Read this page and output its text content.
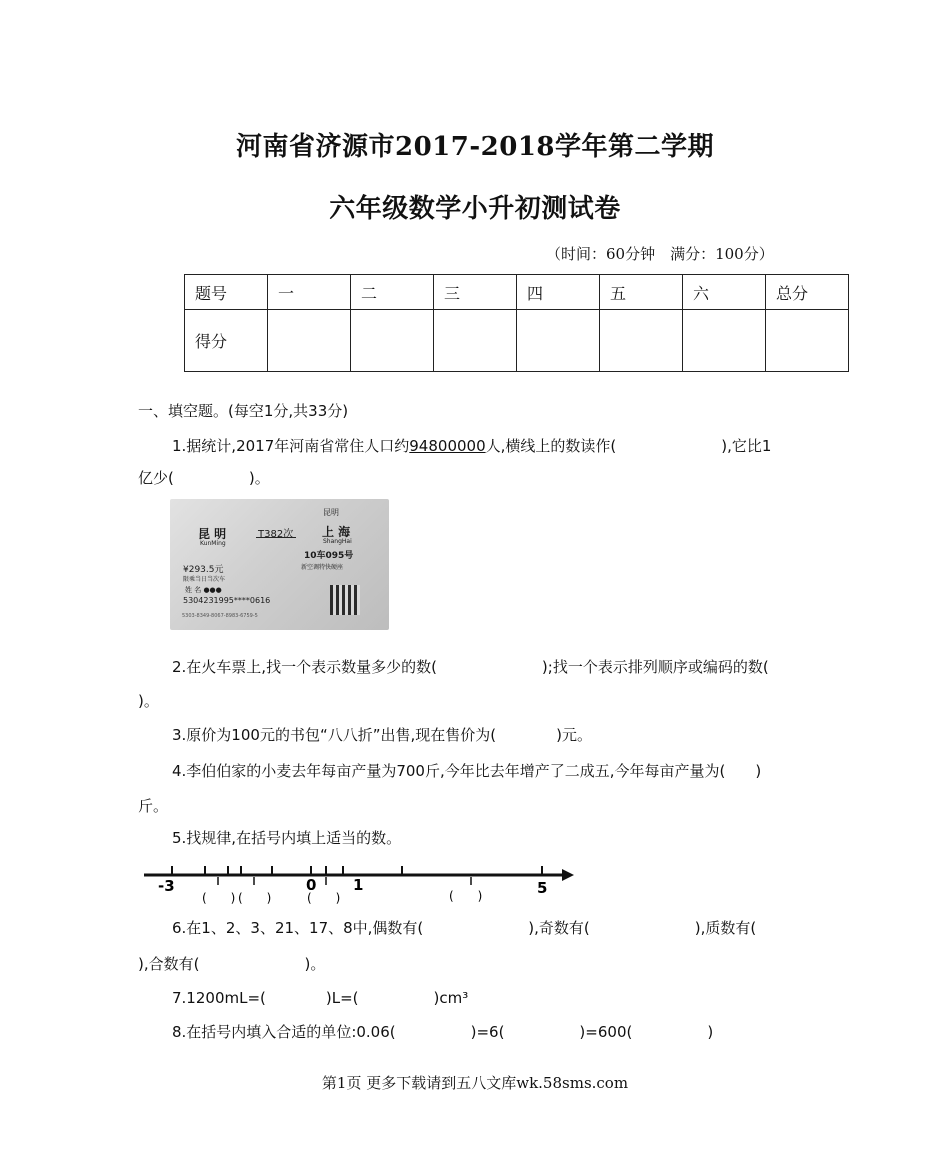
河南省济源市2017-2018学年第二学期
六年级数学小升初测试卷
（时间：60分钟　满分：100分）
题号	一	二	三	四	五	六	总分
得分							
一、填空题。(每空1分,共33分)
1.据统计,2017年河南省常住人口约94800000人,横线上的数读作(　　　　　　　),它比1
亿少(　　　　　)。
昆 明
KunMing
T382次
昆明
上 海
ShangHai
10车095号
新空调特快硬座
¥293.5元
限乘当日当次车
姓 名 ●●●
5304231995****0616
5303-8349-8067-8983-6759-5
2.在火车票上,找一个表示数量多少的数(　　　　　　　);找一个表示排列顺序或编码的数(
)。
3.原价为100元的书包“八八折”出售,现在售价为(　　　　)元。
4.李伯伯家的小麦去年每亩产量为700斤,今年比去年增产了二成五,今年每亩产量为(　　)
斤。
5.找规律,在括号内填上适当的数。
-3	0 1	5
(　　) (　　)	(　　)	(　　)
6.在1、2、3、21、17、8中,偶数有(　　　　　　　),奇数有(　　　　　　　),质数有(
),合数有(　　　　　　　)。
7.1200mL=(　　　　)L=(　　　　　)cm³
8.在括号内填入合适的单位:0.06(　　　　　)=6(　　　　　)=600(　　　　　)
第1页 更多下载请到五八文库wk.58sms.com
